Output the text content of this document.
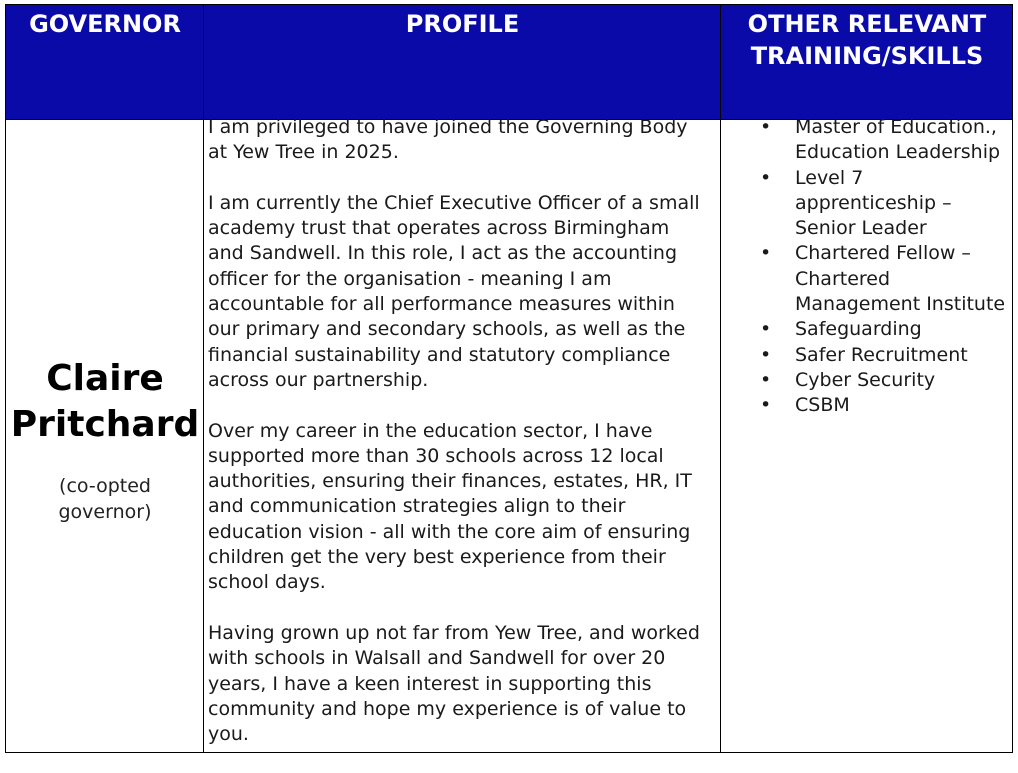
GOVERNOR	PROFILE	OTHER RELEVANT
TRAINING/SKILLS
Claire
Pritchard
(co-opted
governor)

I am privileged to have joined the Governing Body at Yew Tree in 2025.

I am currently the Chief Executive Officer of a small academy trust that operates across Birmingham and Sandwell. In this role, I act as the accounting officer for the organisation - meaning I am accountable for all performance measures within our primary and secondary schools, as well as the financial sustainability and statutory compliance across our partnership.

Over my career in the education sector, I have supported more than 30 schools across 12 local authorities, ensuring their finances, estates, HR, IT and communication strategies align to their education vision - all with the core aim of ensuring children get the very best experience from their school days.

Having grown up not far from Yew Tree, and worked with schools in Walsall and Sandwell for over 20 years, I have a keen interest in supporting this community and hope my experience is of value to you.

• Master of Education., Education Leadership
• Level 7 apprenticeship – Senior Leader
• Chartered Fellow – Chartered Management Institute
• Safeguarding
• Safer Recruitment
• Cyber Security
• CSBM
